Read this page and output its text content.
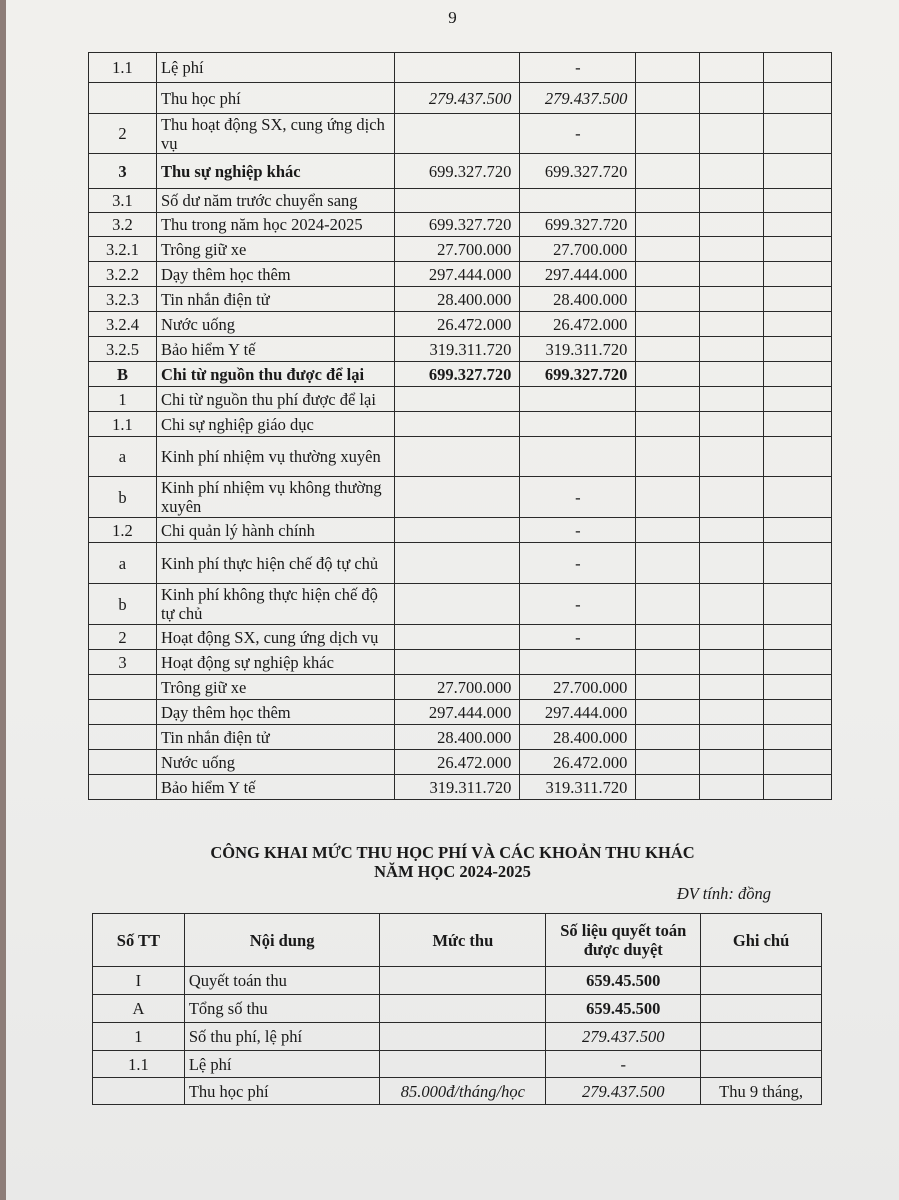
9
1.1	Lệ phí		-			
	Thu học phí	279.437.500	279.437.500			
2	Thu hoạt động SX, cung ứng dịch vụ		-			
3	Thu sự nghiệp khác	699.327.720	699.327.720			
3.1	Số dư năm trước chuyển sang					
3.2	Thu trong năm học 2024-2025	699.327.720	699.327.720			
3.2.1	Trông giữ xe	27.700.000	27.700.000			
3.2.2	Dạy thêm học thêm	297.444.000	297.444.000			
3.2.3	Tin nhắn điện tử	28.400.000	28.400.000			
3.2.4	Nước uống	26.472.000	26.472.000			
3.2.5	Bảo hiểm Y tế	319.311.720	319.311.720			
B	Chi từ nguồn thu được để lại	699.327.720	699.327.720			
1	Chi từ nguồn thu phí được để lại					
1.1	Chi sự nghiệp giáo dục					
a	Kinh phí nhiệm vụ thường xuyên					
b	Kinh phí nhiệm vụ không thường xuyên		-			
1.2	Chi quản lý hành chính		-			
a	Kinh phí thực hiện chế độ tự chủ		-			
b	Kinh phí không thực hiện chế độ tự chủ		-			
2	Hoạt động SX, cung ứng dịch vụ		-			
3	Hoạt động sự nghiệp khác					
	Trông giữ xe	27.700.000	27.700.000			
	Dạy thêm học thêm	297.444.000	297.444.000			
	Tin nhắn điện tử	28.400.000	28.400.000			
	Nước uống	26.472.000	26.472.000			
	Bảo hiểm Y tế	319.311.720	319.311.720			
CÔNG KHAI MỨC THU HỌC PHÍ VÀ CÁC KHOẢN THU KHÁC
NĂM HỌC 2024-2025
ĐV tính: đồng
Số TT	Nội dung	Mức thu	Số liệu quyết toán được duyệt	Ghi chú
I	Quyết toán thu		659.45.500	
A	Tổng số thu		659.45.500	
1	Số thu phí, lệ phí		279.437.500	
1.1	Lệ phí		-	
	Thu học phí	85.000đ/tháng/học	279.437.500	Thu 9 tháng,
